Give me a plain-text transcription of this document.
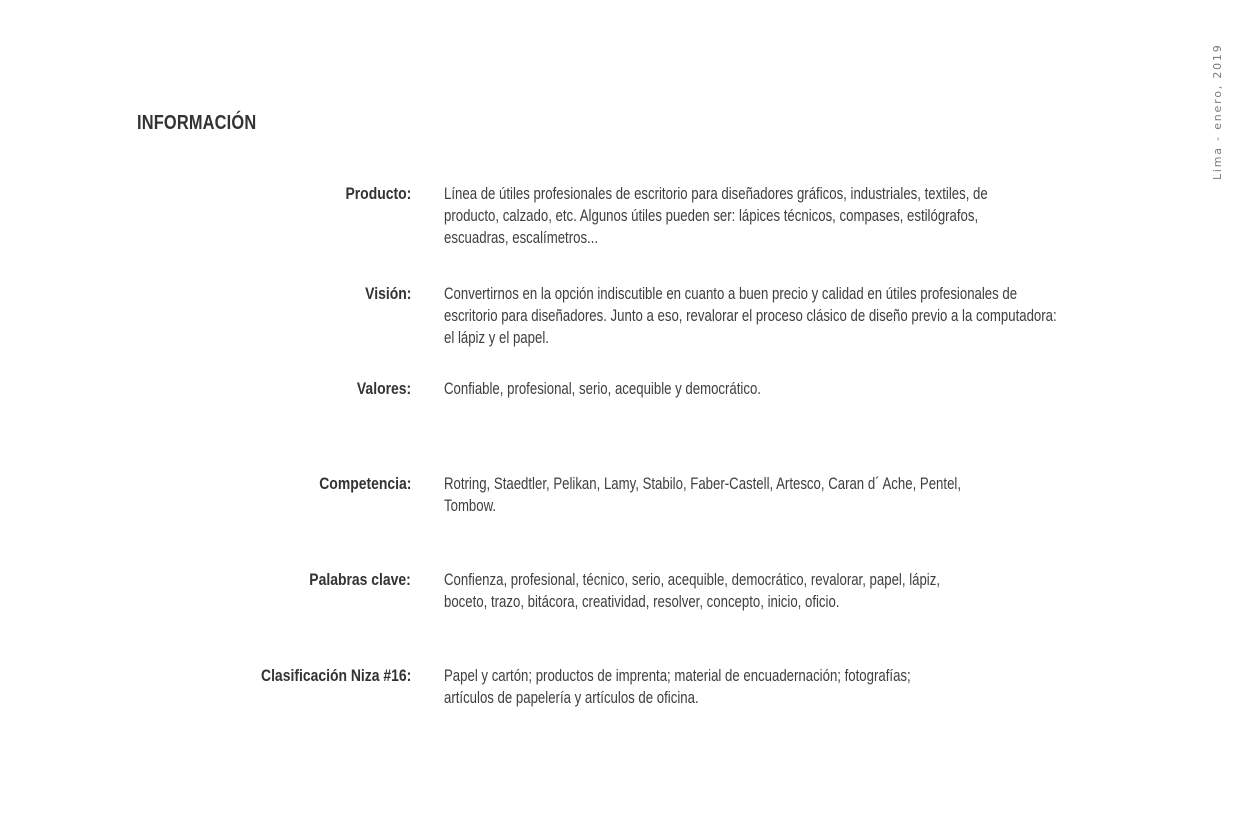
Lima - enero, 2019
INFORMACIÓN
Producto: Línea de útiles profesionales de escritorio para diseñadores gráficos, industriales, textiles, de
producto, calzado, etc. Algunos útiles pueden ser: lápices técnicos, compases, estilógrafos,
escuadras, escalímetros...
Visión: Convertirnos en la opción indiscutible en cuanto a buen precio y calidad en útiles profesionales de
escritorio para diseñadores. Junto a eso, revalorar el proceso clásico de diseño previo a la computadora:
el lápiz y el papel.
Valores: Confiable, profesional, serio, acequible y democrático.
Competencia: Rotring, Staedtler, Pelikan, Lamy, Stabilo, Faber-Castell, Artesco, Caran d´ Ache, Pentel,
Tombow.
Palabras clave: Confienza, profesional, técnico, serio, acequible, democrático, revalorar, papel, lápiz,
boceto, trazo, bitácora, creatividad, resolver, concepto, inicio, oficio.
Clasificación Niza #16: Papel y cartón; productos de imprenta; material de encuadernación; fotografías;
artículos de papelería y artículos de oficina.
